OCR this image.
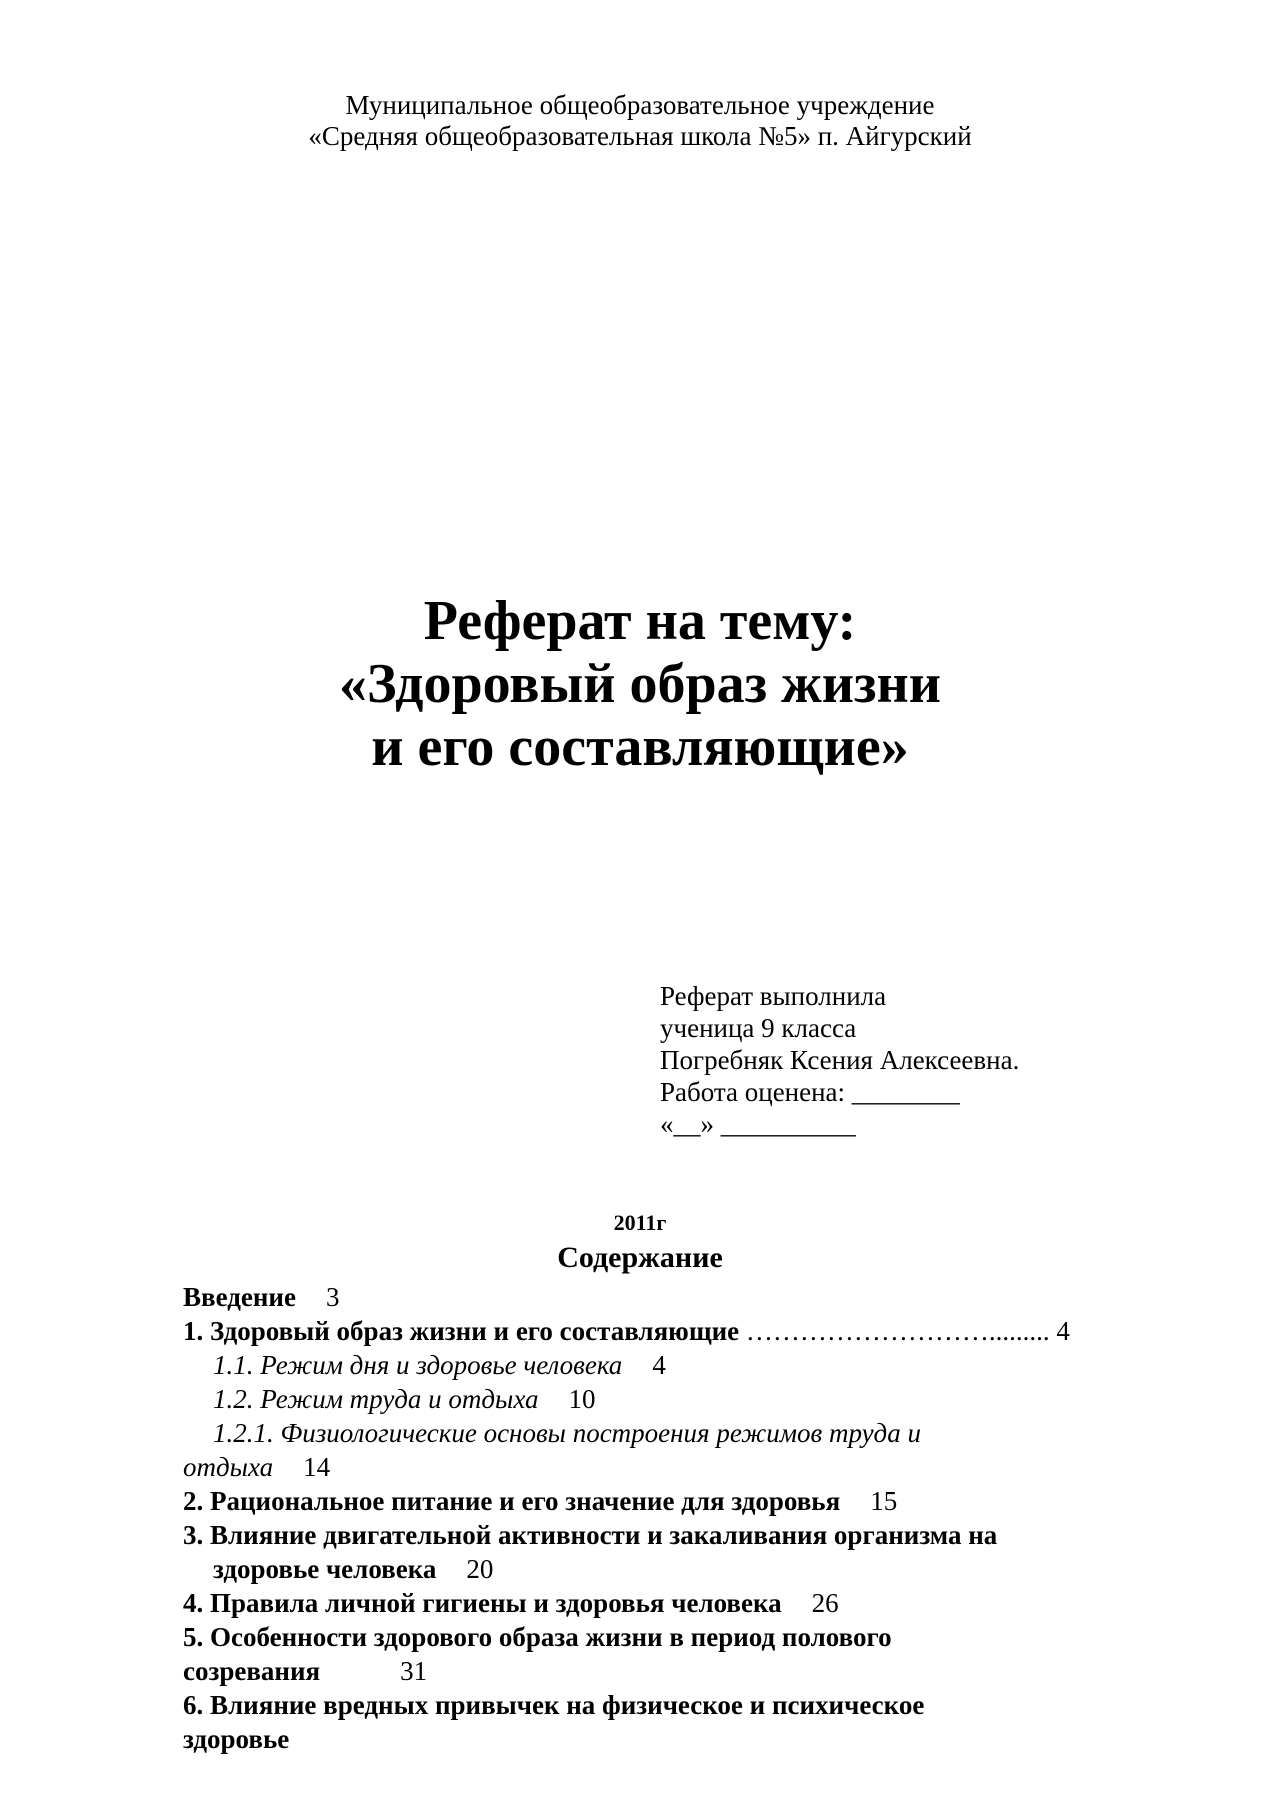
Муниципальное общеобразовательное учреждение
«Средняя общеобразовательная школа №5» п. Айгурский
Реферат на тему:
«Здоровый образ жизни
и его составляющие»
Реферат выполнила
ученица 9 класса
Погребняк Ксения Алексеевна.
Работа оценена: ________
«__» __________
2011г
Содержание
Введение 3
1. Здоровый образ жизни и его составляющие ………………………......... 4
1.1. Режим дня и здоровье человека 4
1.2. Режим труда и отдыха 10
1.2.1. Физиологические основы построения режимов труда и
отдыха 14
2. Рациональное питание и его значение для здоровья 15
3. Влияние двигательной активности и закаливания организма на
здоровье человека 20
4. Правила личной гигиены и здоровья человека 26
5. Особенности здорового образа жизни в период полового
созревания	31
6. Влияние вредных привычек на физическое и психическое
здоровье
